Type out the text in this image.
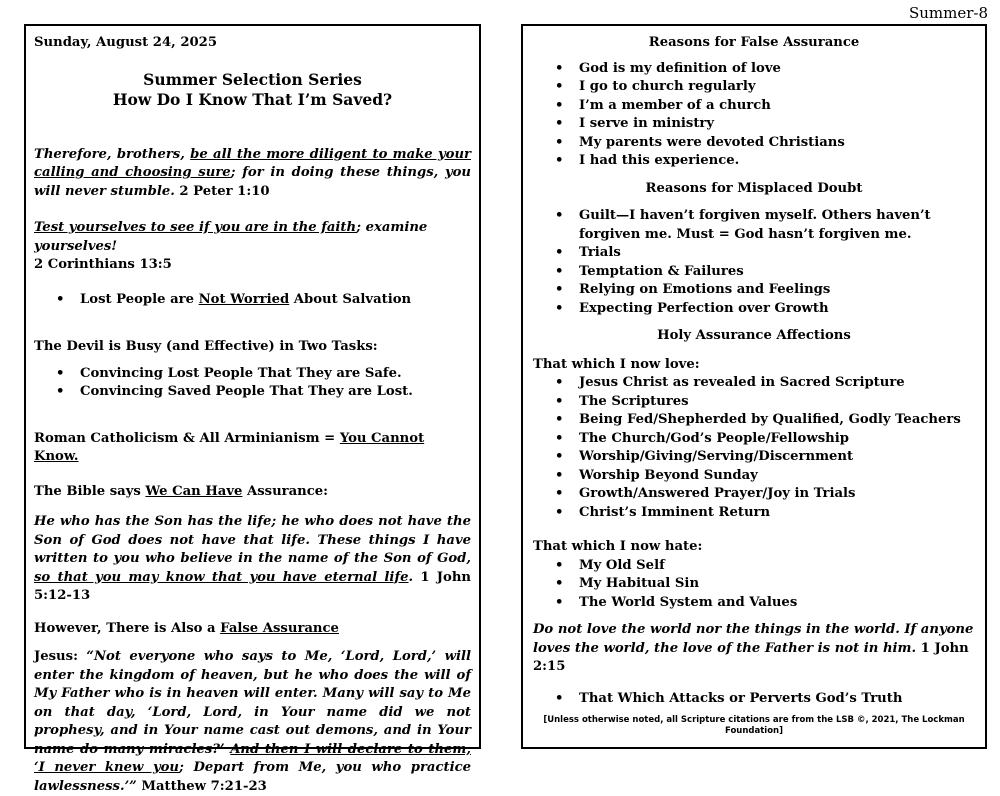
Summer-8

Sunday, August 24, 2025

Summer Selection Series
How Do I Know That I’m Saved?

Therefore, brothers, be all the more diligent to make your calling and choosing sure; for in doing these things, you will never stumble. 2 Peter 1:10

Test yourselves to see if you are in the faith; examine yourselves!
2 Corinthians 13:5

• Lost People are Not Worried About Salvation

The Devil is Busy (and Effective) in Two Tasks:

• Convincing Lost People That They are Safe.
• Convincing Saved People That They are Lost.

Roman Catholicism & All Arminianism = You Cannot Know.

The Bible says We Can Have Assurance:

He who has the Son has the life; he who does not have the Son of God does not have that life. These things I have written to you who believe in the name of the Son of God, so that you may know that you have eternal life. 1 John 5:12-13

However, There is Also a False Assurance

Jesus: “Not everyone who says to Me, ‘Lord, Lord,’ will enter the kingdom of heaven, but he who does the will of My Father who is in heaven will enter. Many will say to Me on that day, ‘Lord, Lord, in Your name did we not prophesy, and in Your name cast out demons, and in Your name do many miracles?’ And then I will declare to them, ‘I never knew you; Depart from Me, you who practice lawlessness.’” Matthew 7:21-23

Reasons for False Assurance

• God is my definition of love
• I go to church regularly
• I’m a member of a church
• I serve in ministry
• My parents were devoted Christians
• I had this experience.

Reasons for Misplaced Doubt

• Guilt—I haven’t forgiven myself. Others haven’t forgiven me. Must = God hasn’t forgiven me.
• Trials
• Temptation & Failures
• Relying on Emotions and Feelings
• Expecting Perfection over Growth

Holy Assurance Affections

That which I now love:

• Jesus Christ as revealed in Sacred Scripture
• The Scriptures
• Being Fed/Shepherded by Qualified, Godly Teachers
• The Church/God’s People/Fellowship
• Worship/Giving/Serving/Discernment
• Worship Beyond Sunday
• Growth/Answered Prayer/Joy in Trials
• Christ’s Imminent Return

That which I now hate:

• My Old Self
• My Habitual Sin
• The World System and Values

Do not love the world nor the things in the world. If anyone loves the world, the love of the Father is not in him. 1 John 2:15

• That Which Attacks or Perverts God’s Truth
[Unless otherwise noted, all Scripture citations are from the LSB ©, 2021, The Lockman Foundation]
